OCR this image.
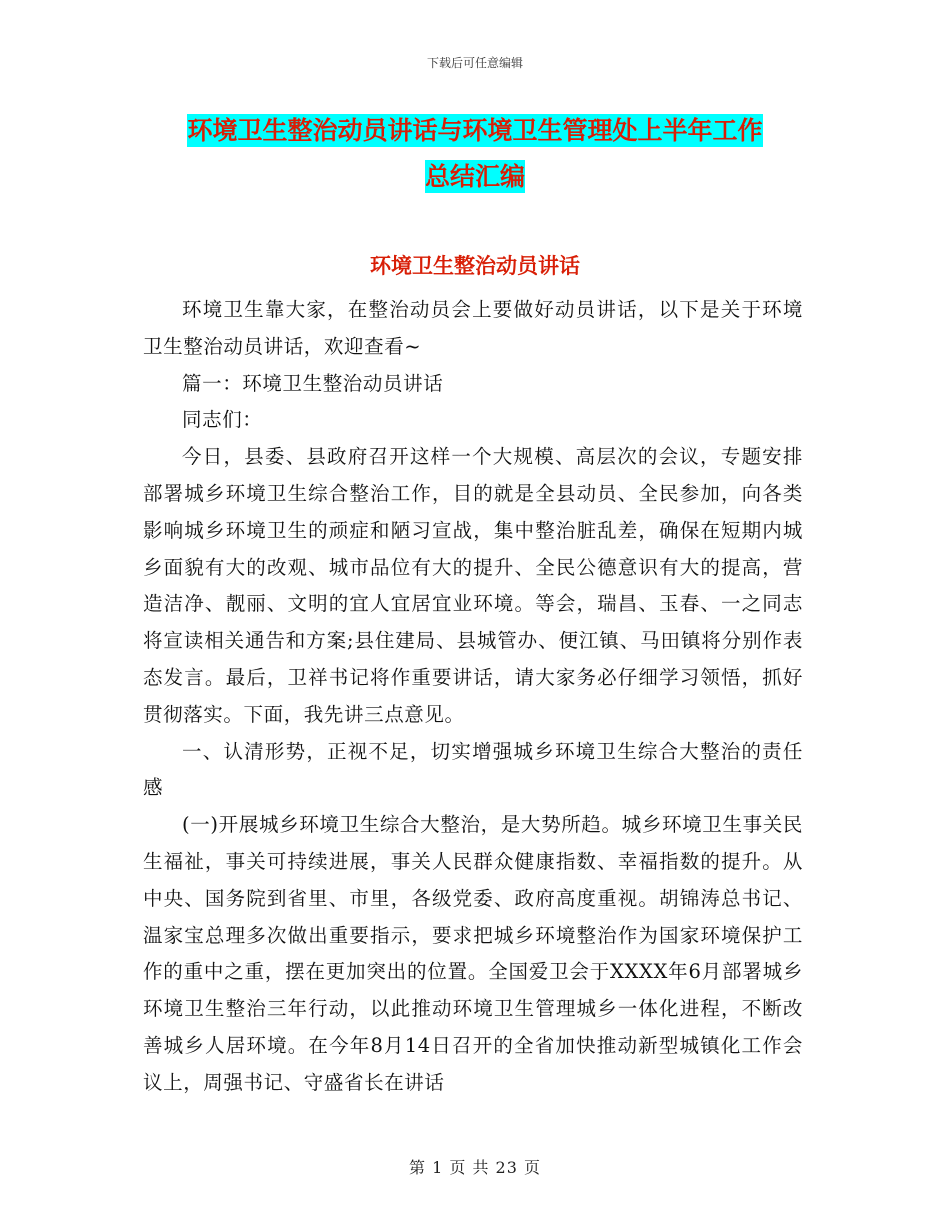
下载后可任意编辑
环境卫生整治动员讲话与环境卫生管理处上半年工作
总结汇编
环境卫生整治动员讲话

环境卫生靠大家，在整治动员会上要做好动员讲话，以下是关于环境卫生整治动员讲话，欢迎查看~

篇一：环境卫生整治动员讲话

同志们：

今日，县委、县政府召开这样一个大规模、高层次的会议，专题安排部署城乡环境卫生综合整治工作，目的就是全县动员、全民参加，向各类影响城乡环境卫生的顽症和陋习宣战，集中整治脏乱差，确保在短期内城乡面貌有大的改观、城市品位有大的提升、全民公德意识有大的提高，营造洁净、靓丽、文明的宜人宜居宜业环境。等会，瑞昌、玉春、一之同志将宣读相关通告和方案;县住建局、县城管办、便江镇、马田镇将分别作表态发言。最后，卫祥书记将作重要讲话，请大家务必仔细学习领悟，抓好贯彻落实。下面，我先讲三点意见。

一、认清形势，正视不足，切实增强城乡环境卫生综合大整治的责任感

(一)开展城乡环境卫生综合大整治，是大势所趋。城乡环境卫生事关民生福祉，事关可持续进展，事关人民群众健康指数、幸福指数的提升。从中央、国务院到省里、市里，各级党委、政府高度重视。胡锦涛总书记、温家宝总理多次做出重要指示，要求把城乡环境整治作为国家环境保护工作的重中之重，摆在更加突出的位置。全国爱卫会于XXXX年6月部署城乡环境卫生整治三年行动，以此推动环境卫生管理城乡一体化进程，不断改善城乡人居环境。在今年8月14日召开的全省加快推动新型城镇化工作会议上，周强书记、守盛省长在讲话

第 1 页 共 23 页
